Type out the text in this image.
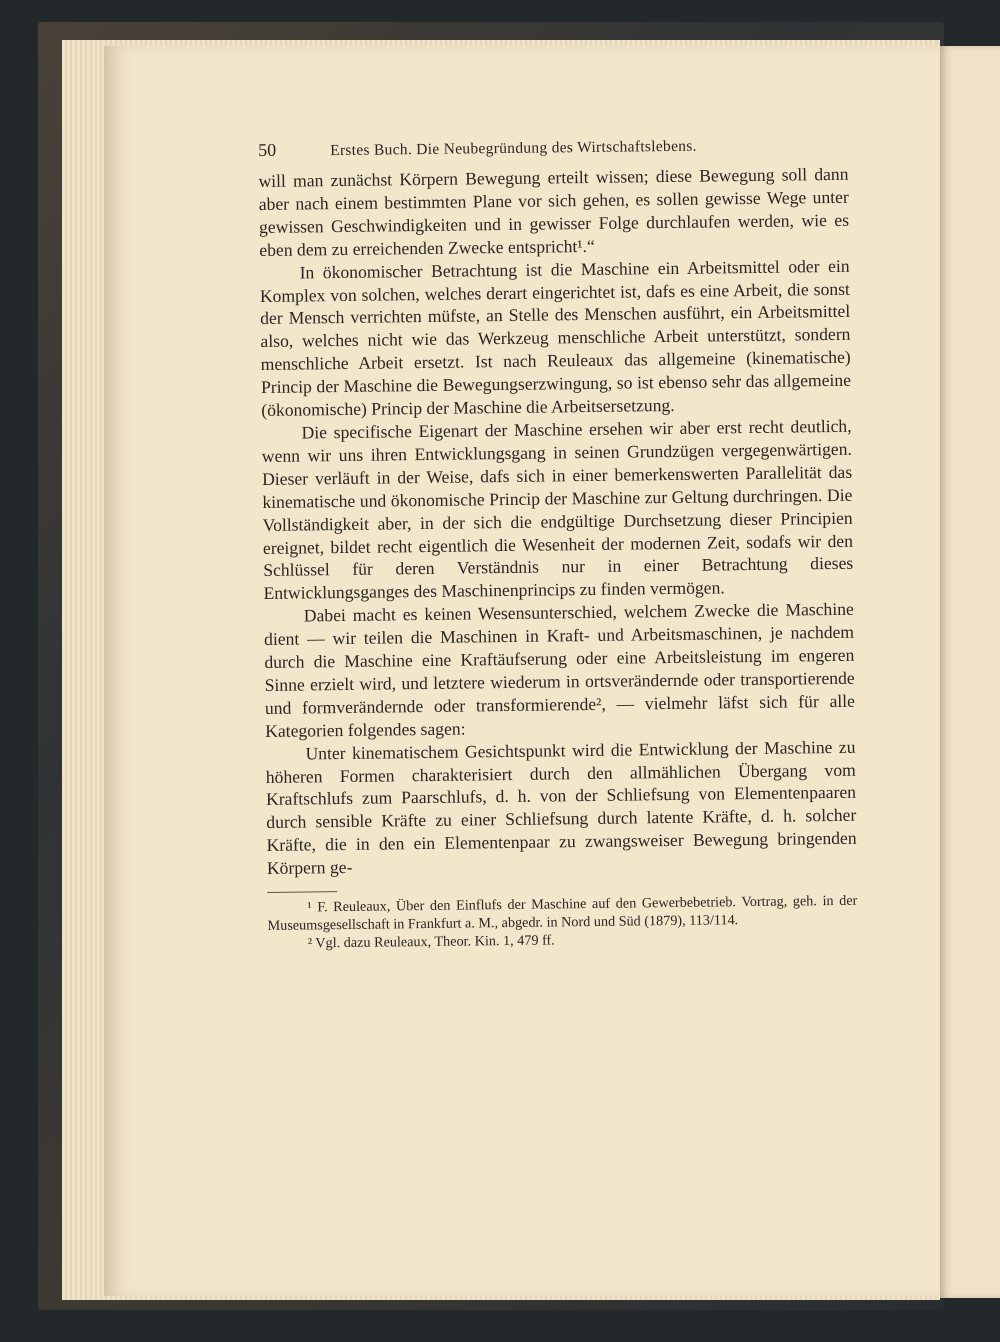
50	Erstes Buch. Die Neubegründung des Wirtschaftslebens.

will man zunächst Körpern Bewegung erteilt wissen; diese Bewegung soll dann aber nach einem bestimmten Plane vor sich gehen, es sollen gewisse Wege unter gewissen Geschwindigkeiten und in gewisser Folge durchlaufen werden, wie es eben dem zu erreichenden Zwecke entspricht¹.“

In ökonomischer Betrachtung ist die Maschine ein Arbeitsmittel oder ein Komplex von solchen, welches derart eingerichtet ist, dafs es eine Arbeit, die sonst der Mensch verrichten müfste, an Stelle des Menschen ausführt, ein Arbeitsmittel also, welches nicht wie das Werkzeug menschliche Arbeit unterstützt, sondern menschliche Arbeit ersetzt. Ist nach Reuleaux das allgemeine (kinematische) Princip der Maschine die Bewegungserzwingung, so ist ebenso sehr das allgemeine (ökonomische) Princip der Maschine die Arbeitsersetzung.

Die specifische Eigenart der Maschine ersehen wir aber erst recht deutlich, wenn wir uns ihren Entwicklungsgang in seinen Grundzügen vergegenwärtigen. Dieser verläuft in der Weise, dafs sich in einer bemerkenswerten Parallelität das kinematische und ökonomische Princip der Maschine zur Geltung durchringen. Die Vollständigkeit aber, in der sich die endgültige Durchsetzung dieser Principien ereignet, bildet recht eigentlich die Wesenheit der modernen Zeit, sodafs wir den Schlüssel für deren Verständnis nur in einer Betrachtung dieses Entwicklungsganges des Maschinenprincips zu finden vermögen.

Dabei macht es keinen Wesensunterschied, welchem Zwecke die Maschine dient — wir teilen die Maschinen in Kraft- und Arbeitsmaschinen, je nachdem durch die Maschine eine Kraftäufserung oder eine Arbeitsleistung im engeren Sinne erzielt wird, und letztere wiederum in ortsverändernde oder transportierende und formverändernde oder transformierende², — vielmehr läfst sich für alle Kategorien folgendes sagen:

Unter kinematischem Gesichtspunkt wird die Entwicklung der Maschine zu höheren Formen charakterisiert durch den allmählichen Übergang vom Kraftschlufs zum Paarschlufs, d. h. von der Schliefsung von Elementenpaaren durch sensible Kräfte zu einer Schliefsung durch latente Kräfte, d. h. solcher Kräfte, die in den ein Elementenpaar zu zwangsweiser Bewegung bringenden Körpern ge-

¹ F. Reuleaux, Über den Einflufs der Maschine auf den Gewerbebetrieb. Vortrag, geh. in der Museumsgesellschaft in Frankfurt a. M., abgedr. in Nord und Süd (1879), 113/114.

² Vgl. dazu Reuleaux, Theor. Kin. 1, 479 ff.
